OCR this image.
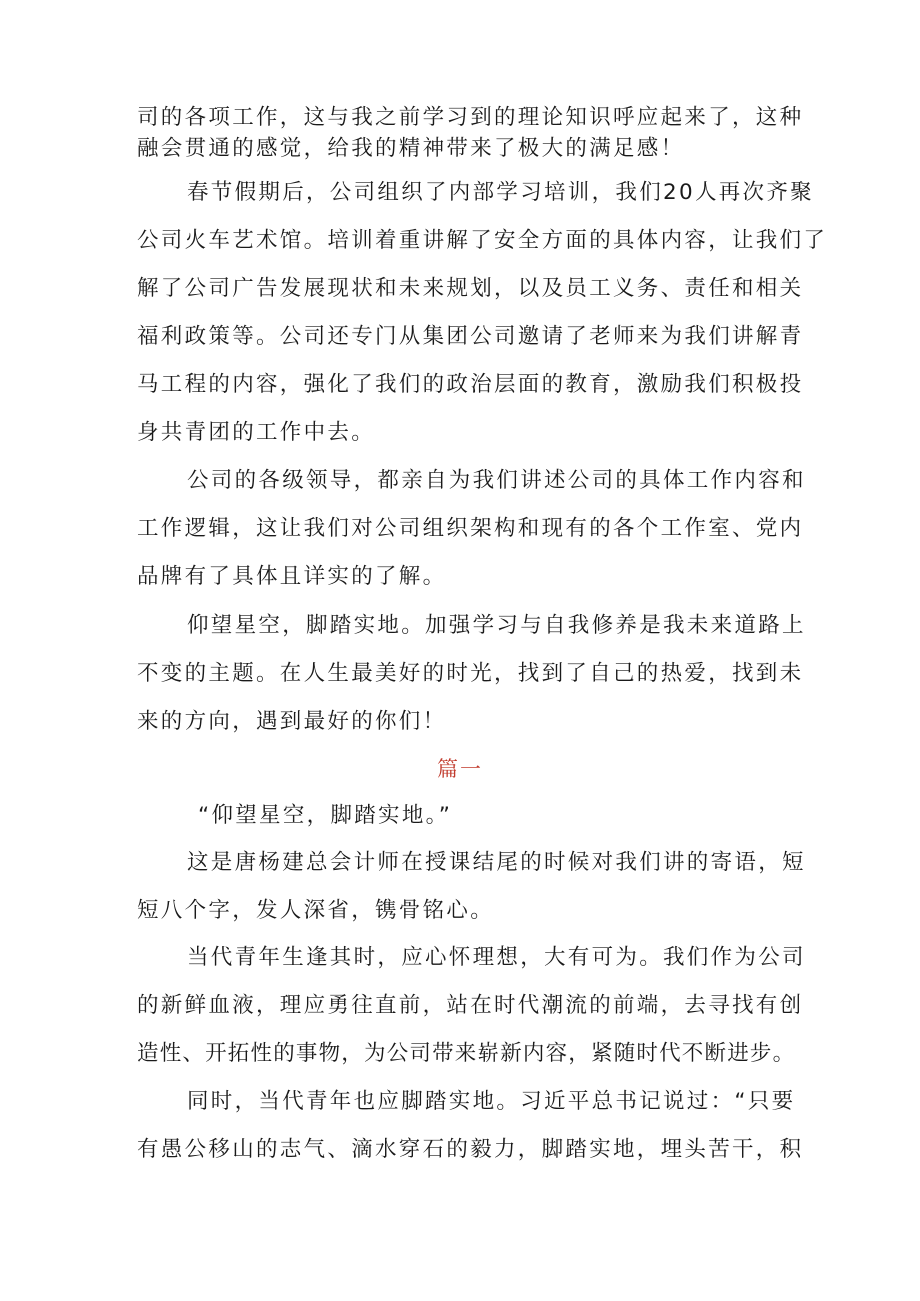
司的各项工作，这与我之前学习到的理论知识呼应起来了，这种
融会贯通的感觉，给我的精神带来了极大的满足感！
春节假期后，公司组织了内部学习培训，我们20人再次齐聚
公司火车艺术馆。培训着重讲解了安全方面的具体内容，让我们了
解了公司广告发展现状和未来规划，以及员工义务、责任和相关
福利政策等。公司还专门从集团公司邀请了老师来为我们讲解青
马工程的内容，强化了我们的政治层面的教育，激励我们积极投
身共青团的工作中去。
公司的各级领导，都亲自为我们讲述公司的具体工作内容和
工作逻辑，这让我们对公司组织架构和现有的各个工作室、党内
品牌有了具体且详实的了解。
仰望星空，脚踏实地。加强学习与自我修养是我未来道路上
不变的主题。在人生最美好的时光，找到了自己的热爱，找到未
来的方向，遇到最好的你们！
篇一
“仰望星空，脚踏实地。”
这是唐杨建总会计师在授课结尾的时候对我们讲的寄语，短
短八个字，发人深省，镌骨铭心。
当代青年生逢其时，应心怀理想，大有可为。我们作为公司
的新鲜血液，理应勇往直前，站在时代潮流的前端，去寻找有创
造性、开拓性的事物，为公司带来崭新内容，紧随时代不断进步。
同时，当代青年也应脚踏实地。习近平总书记说过：“只要
有愚公移山的志气、滴水穿石的毅力，脚踏实地，埋头苦干，积
